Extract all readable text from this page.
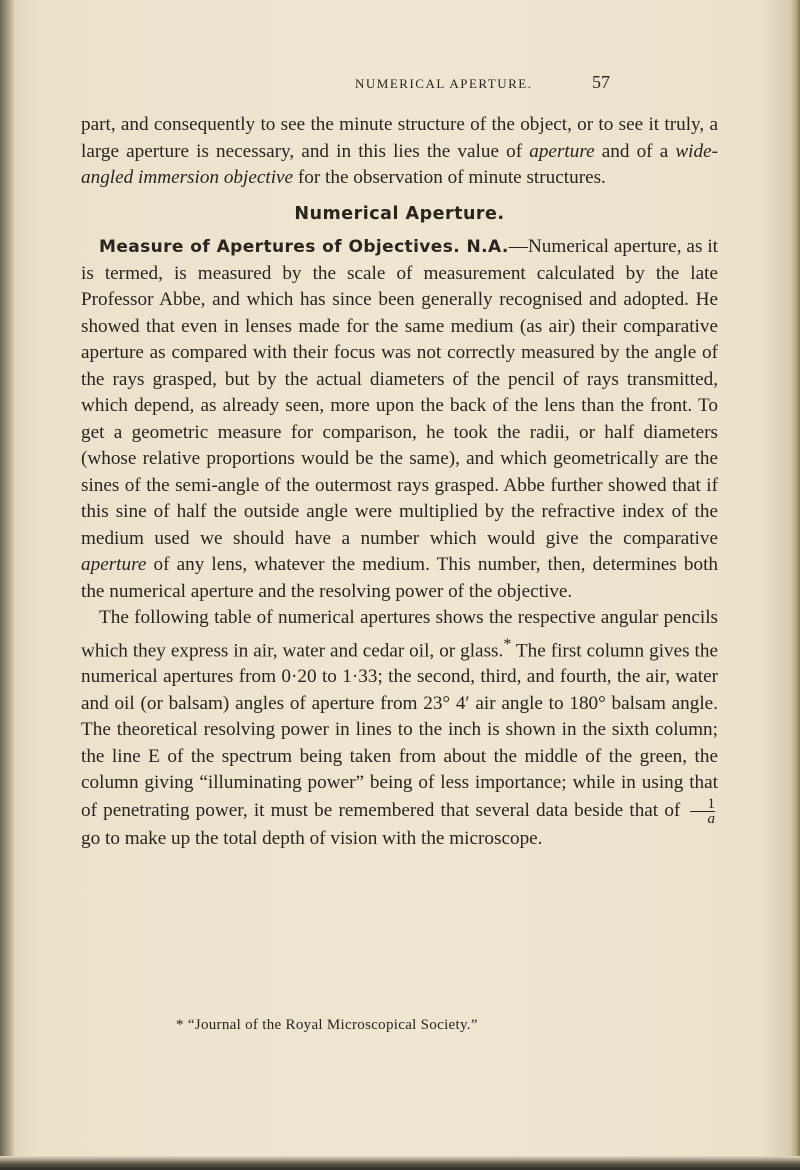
NUMERICAL APERTURE.	57

part, and consequently to see the minute structure of the object, or to see it truly, a large aperture is necessary, and in this lies the value of aperture and of a wide-angled immersion objective for the observation of minute structures.

Numerical Aperture.

Measure of Apertures of Objectives. N.A.—Numerical aperture, as it is termed, is measured by the scale of measurement calculated by the late Professor Abbe, and which has since been generally recognised and adopted. He showed that even in lenses made for the same medium (as air) their comparative aperture as compared with their focus was not correctly measured by the angle of the rays grasped, but by the actual diameters of the pencil of rays transmitted, which depend, as already seen, more upon the back of the lens than the front. To get a geometric measure for comparison, he took the radii, or half diameters (whose relative proportions would be the same), and which geometrically are the sines of the semi-angle of the outermost rays grasped. Abbe further showed that if this sine of half the outside angle were multiplied by the refractive index of the medium used we should have a number which would give the comparative aperture of any lens, whatever the medium. This number, then, determines both the numerical aperture and the resolving power of the objective.

The following table of numerical apertures shows the respective angular pencils which they express in air, water and cedar oil, or glass.* The first column gives the numerical apertures from 0·20 to 1·33; the second, third, and fourth, the air, water and oil (or balsam) angles of aperture from 23° 4′ air angle to 180° balsam angle. The theoretical resolving power in lines to the inch is shown in the sixth column; the line E of the spectrum being taken from about the middle of the green, the column giving “illuminating power” being of less importance; while in using that of penetrating power, it must be remembered that several data beside that of $\frac{1}{a}$
go to make up the total depth of vision with the microscope.

* “Journal of the Royal Microscopical Society.”
